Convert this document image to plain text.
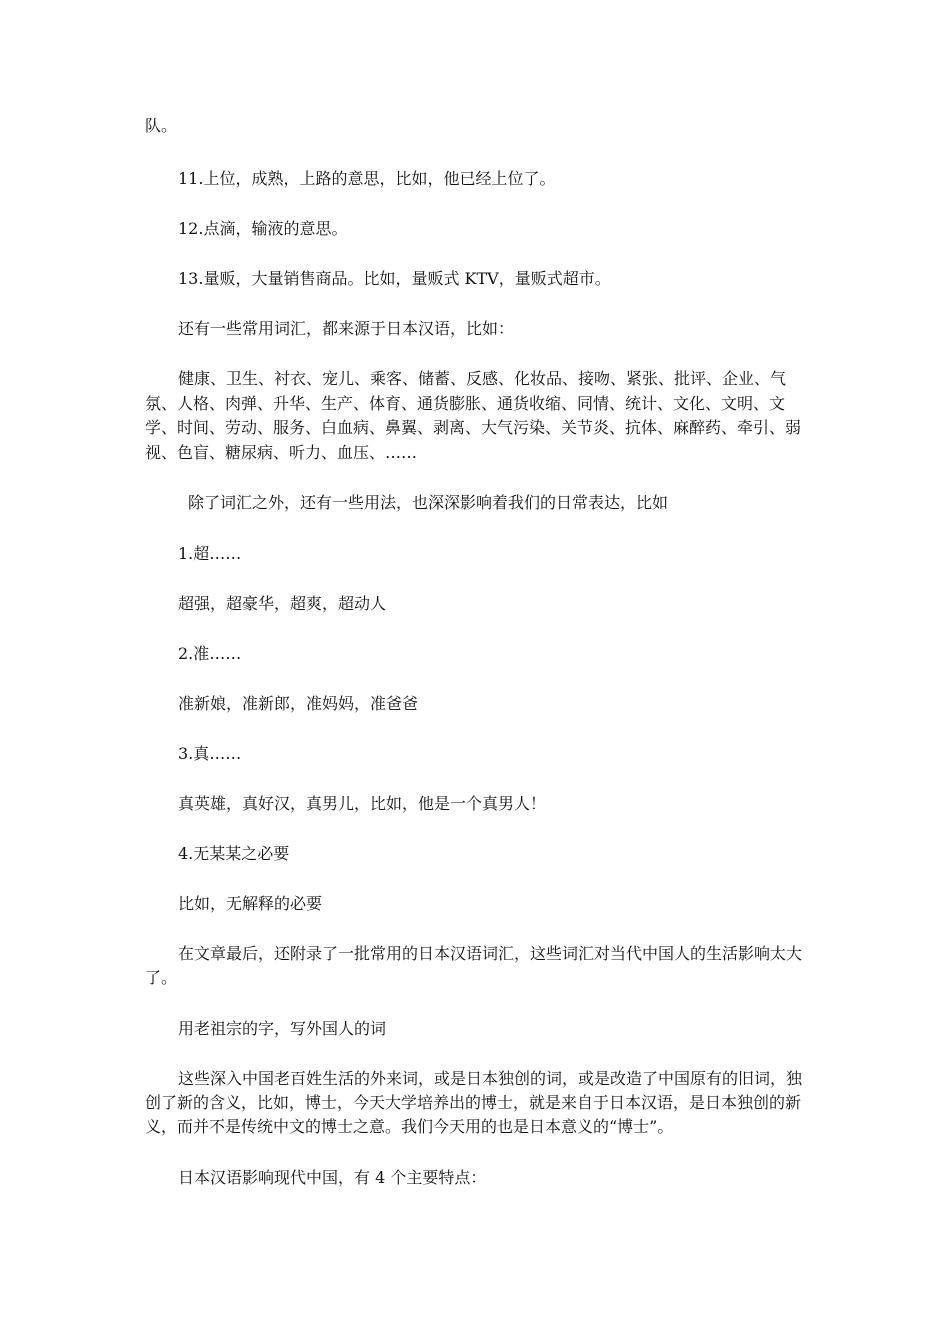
队。

11.上位，成熟，上路的意思，比如，他已经上位了。

12.点滴，输液的意思。

13.量贩，大量销售商品。比如，量贩式 KTV，量贩式超市。

还有一些常用词汇，都来源于日本汉语，比如：

健康、卫生、衬衣、宠儿、乘客、储蓄、反感、化妆品、接吻、紧张、批评、企业、气氛、人格、肉弹、升华、生产、体育、通货膨胀、通货收缩、同情、统计、文化、文明、文学、时间、劳动、服务、白血病、鼻翼、剥离、大气污染、关节炎、抗体、麻醉药、牵引、弱视、色盲、糖尿病、听力、血压、……

除了词汇之外，还有一些用法，也深深影响着我们的日常表达，比如

1.超……

超强，超豪华，超爽，超动人

2.准……

准新娘，准新郎，准妈妈，准爸爸

3.真……

真英雄，真好汉，真男儿，比如，他是一个真男人！

4.无某某之必要

比如，无解释的必要

在文章最后，还附录了一批常用的日本汉语词汇，这些词汇对当代中国人的生活影响太大了。

用老祖宗的字，写外国人的词

这些深入中国老百姓生活的外来词，或是日本独创的词，或是改造了中国原有的旧词，独创了新的含义，比如，博士，今天大学培养出的博士，就是来自于日本汉语，是日本独创的新义，而并不是传统中文的博士之意。我们今天用的也是日本意义的“博士”。

日本汉语影响现代中国，有 4 个主要特点：
